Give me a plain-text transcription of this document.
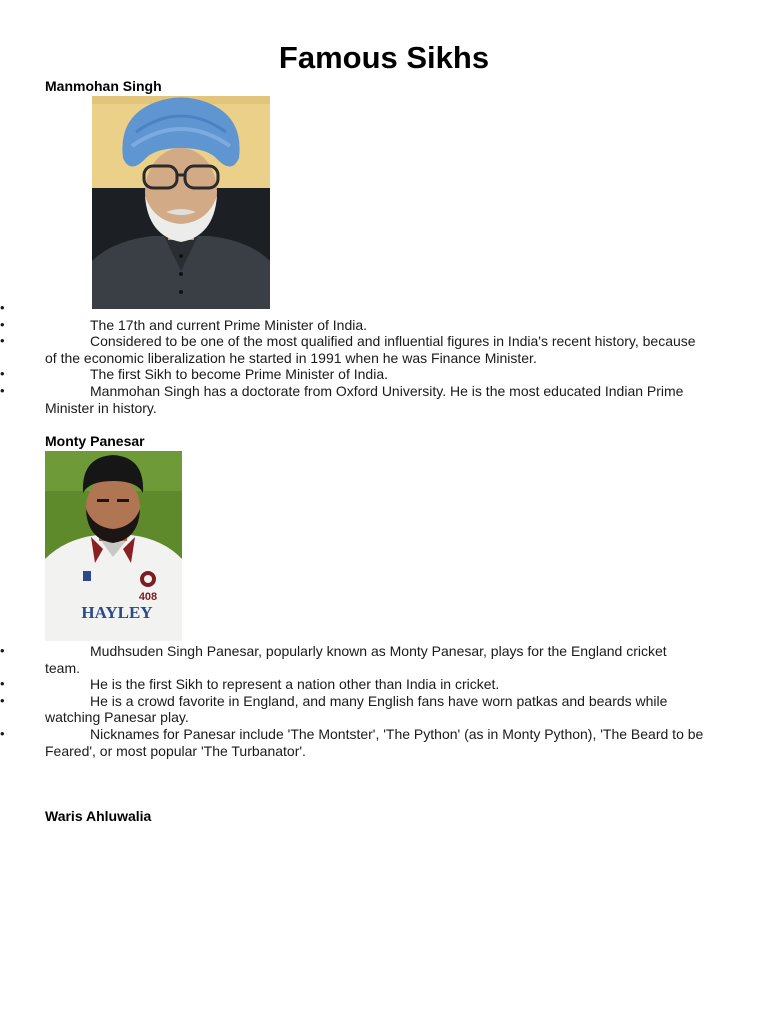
Famous Sikhs
Manmohan Singh
•
• The 17th and current Prime Minister of India.
• Considered to be one of the most qualified and influential figures in India's recent history, because of the economic liberalization he started in 1991 when he was Finance Minister.
• The first Sikh to become Prime Minister of India.
• Manmohan Singh has a doctorate from Oxford University. He is the most educated Indian Prime Minister in history.
Monty Panesar
408
HAYLEY
• Mudhsuden Singh Panesar, popularly known as Monty Panesar, plays for the England cricket team.
• He is the first Sikh to represent a nation other than India in cricket.
• He is a crowd favorite in England, and many English fans have worn patkas and beards while watching Panesar play.
• Nicknames for Panesar include 'The Montster', 'The Python' (as in Monty Python), 'The Beard to be Feared', or most popular 'The Turbanator'.
Waris Ahluwalia
